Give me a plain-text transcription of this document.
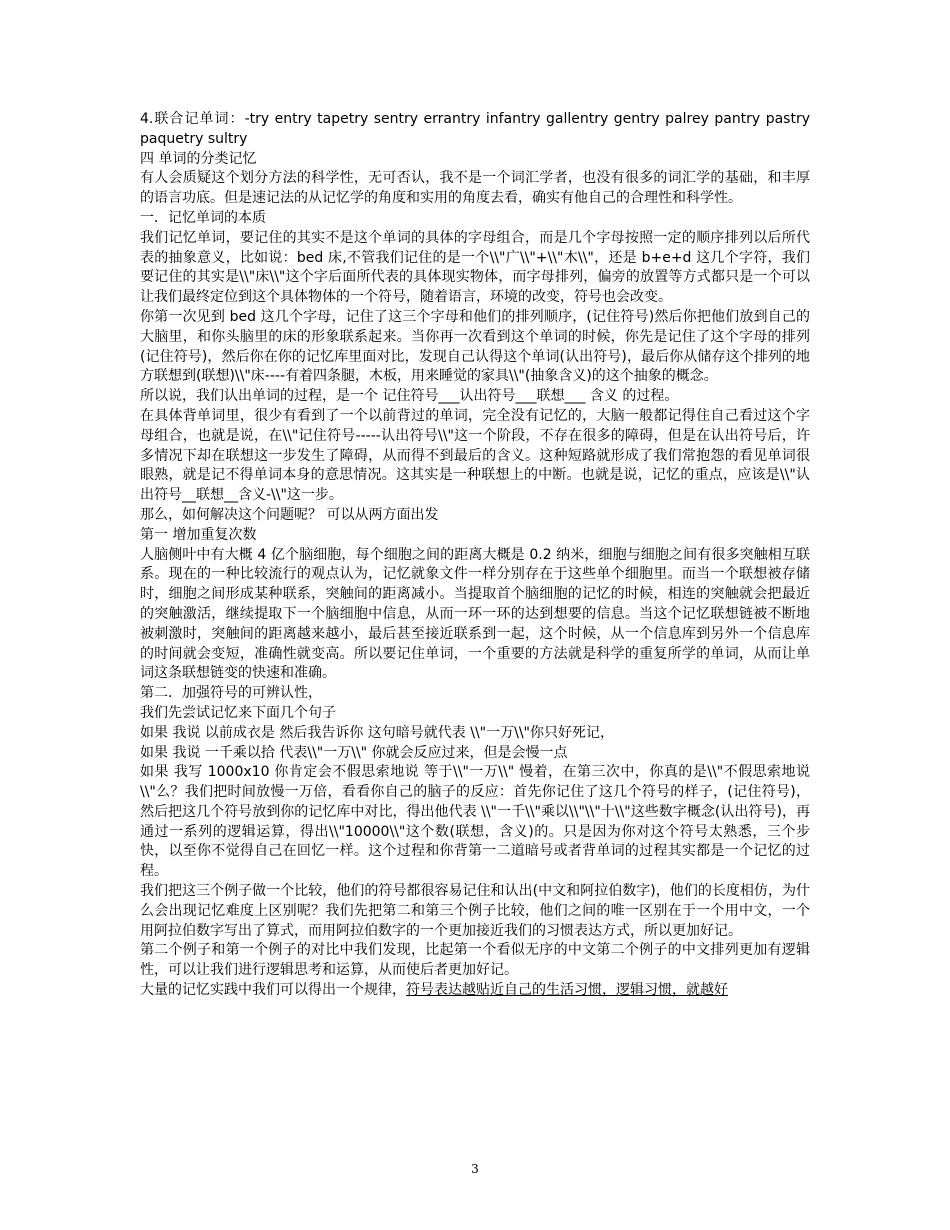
4.联合记单词：-try entry tapetry sentry errantry infantry gallentry gentry palrey pantry pastry paquetry sultry

四 单词的分类记忆

有人会质疑这个划分方法的科学性，无可否认，我不是一个词汇学者，也没有很多的词汇学的基础，和丰厚的语言功底。但是速记法的从记忆学的角度和实用的角度去看，确实有他自己的合理性和科学性。

一．记忆单词的本质

我们记忆单词，要记住的其实不是这个单词的具体的字母组合，而是几个字母按照一定的顺序排列以后所代表的抽象意义，比如说：bed 床,不管我们记住的是一个\\"广\\"+\\"木\\"，还是 b+e+d 这几个字符，我们要记住的其实是\\"床\\"这个字后面所代表的具体现实物体，而字母排列，偏旁的放置等方式都只是一个可以让我们最终定位到这个具体物体的一个符号，随着语言，环境的改变，符号也会改变。

你第一次见到 bed 这几个字母，记住了这三个字母和他们的排列顺序，(记住符号)然后你把他们放到自己的大脑里，和你头脑里的床的形象联系起来。当你再一次看到这个单词的时候，你先是记住了这个字母的排列(记住符号)，然后你在你的记忆库里面对比，发现自己认得这个单词(认出符号)，最后你从储存这个排列的地方联想到(联想)\\"床----有着四条腿，木板，用来睡觉的家具\\"(抽象含义)的这个抽象的概念。

所以说，我们认出单词的过程，是一个 记住符号___认出符号___联想___ 含义 的过程。

在具体背单词里，很少有看到了一个以前背过的单词，完全没有记忆的，大脑一般都记得住自己看过这个字母组合，也就是说，在\\"记住符号-----认出符号\\"这一个阶段，不存在很多的障碍，但是在认出符号后，许多情况下却在联想这一步发生了障碍，从而得不到最后的含义。这种短路就形成了我们常抱怨的看见单词很眼熟，就是记不得单词本身的意思情况。这其实是一种联想上的中断。也就是说，记忆的重点，应该是\\"认出符号__联想__含义-\\"这一步。

那么，如何解决这个问题呢？ 可以从两方面出发

第一 增加重复次数

人脑侧叶中有大概 4 亿个脑细胞，每个细胞之间的距离大概是 0.2 纳米，细胞与细胞之间有很多突触相互联系。现在的一种比较流行的观点认为，记忆就象文件一样分别存在于这些单个细胞里。而当一个联想被存储时，细胞之间形成某种联系，突触间的距离减小。当提取首个脑细胞的记忆的时候，相连的突触就会把最近的突触激活，继续提取下一个脑细胞中信息，从而一环一环的达到想要的信息。当这个记忆联想链被不断地被刺激时，突触间的距离越来越小，最后甚至接近联系到一起，这个时候，从一个信息库到另外一个信息库的时间就会变短，准确性就变高。所以要记住单词，一个重要的方法就是科学的重复所学的单词，从而让单词这条联想链变的快速和准确。

第二．加强符号的可辨认性，

我们先尝试记忆来下面几个句子

如果 我说 以前成衣是 然后我告诉你 这句暗号就代表 \\"一万\\"你只好死记，

如果 我说 一千乘以拾 代表\\"一万\\" 你就会反应过来，但是会慢一点

如果 我写 1000x10 你肯定会不假思索地说 等于\\"一万\\" 慢着，在第三次中，你真的是\\"不假思索地说\\"么？我们把时间放慢一万倍，看看你自己的脑子的反应：首先你记住了这几个符号的样子，(记住符号)，然后把这几个符号放到你的记忆库中对比，得出他代表 \\"一千\\"乘以\\"\\"十\\"这些数字概念(认出符号)，再通过一系列的逻辑运算，得出\\"10000\\"这个数(联想，含义)的。只是因为你对这个符号太熟悉，三个步快，以至你不觉得自己在回忆一样。这个过程和你背第一二道暗号或者背单词的过程其实都是一个记忆的过程。

我们把这三个例子做一个比较，他们的符号都很容易记住和认出(中文和阿拉伯数字)，他们的长度相仿，为什么会出现记忆难度上区别呢？我们先把第二和第三个例子比较，他们之间的唯一区别在于一个用中文，一个用阿拉伯数字写出了算式，而用阿拉伯数字的一个更加接近我们的习惯表达方式，所以更加好记。

第二个例子和第一个例子的对比中我们发现，比起第一个看似无序的中文第二个例子的中文排列更加有逻辑性，可以让我们进行逻辑思考和运算，从而使后者更加好记。

大量的记忆实践中我们可以得出一个规律，符号表达越贴近自己的生活习惯，逻辑习惯，就越好

3
